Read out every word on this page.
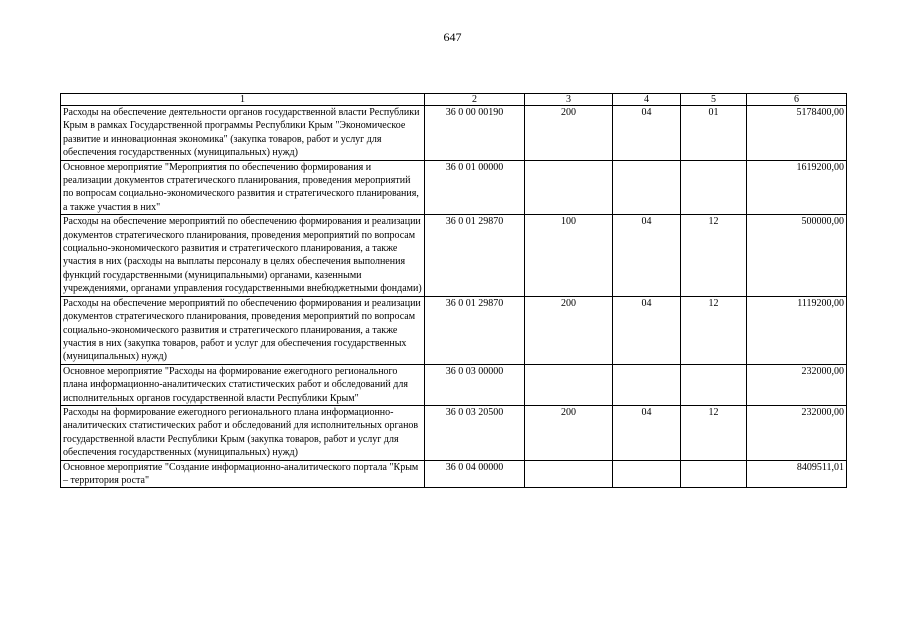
647
1	2	3	4	5	6
Расходы на обеспечение деятельности органов государственной власти Республики Крым в рамках Государственной программы Республики Крым "Экономическое развитие и инновационная экономика" (закупка товаров, работ и услуг для обеспечения государственных (муниципальных) нужд)	36 0 00 00190	200	04	01	5178400,00
Основное мероприятие "Мероприятия по обеспечению формирования и реализации документов стратегического планирования, проведения мероприятий по вопросам социально-экономического развития и стратегического планирования, а также участия в них"	36 0 01 00000				1619200,00
Расходы на обеспечение мероприятий по обеспечению формирования и реализации документов стратегического планирования, проведения мероприятий по вопросам социально-экономического развития и стратегического планирования, а также участия в них (расходы на выплаты персоналу в целях обеспечения выполнения функций государственными (муниципальными) органами, казенными учреждениями, органами управления государственными внебюджетными фондами)	36 0 01 29870	100	04	12	500000,00
Расходы на обеспечение мероприятий по обеспечению формирования и реализации документов стратегического планирования, проведения мероприятий по вопросам социально-экономического развития и стратегического планирования, а также участия в них (закупка товаров, работ и услуг для обеспечения государственных (муниципальных) нужд)	36 0 01 29870	200	04	12	1119200,00
Основное мероприятие "Расходы на формирование ежегодного регионального плана информационно-аналитических статистических работ и обследований для исполнительных органов государственной власти Республики Крым"	36 0 03 00000				232000,00
Расходы на формирование ежегодного регионального плана информационно-аналитических статистических работ и обследований для исполнительных органов государственной власти Республики Крым (закупка товаров, работ и услуг для обеспечения государственных (муниципальных) нужд)	36 0 03 20500	200	04	12	232000,00
Основное мероприятие "Создание информационно-аналитического портала "Крым – территория роста"	36 0 04 00000				8409511,01
